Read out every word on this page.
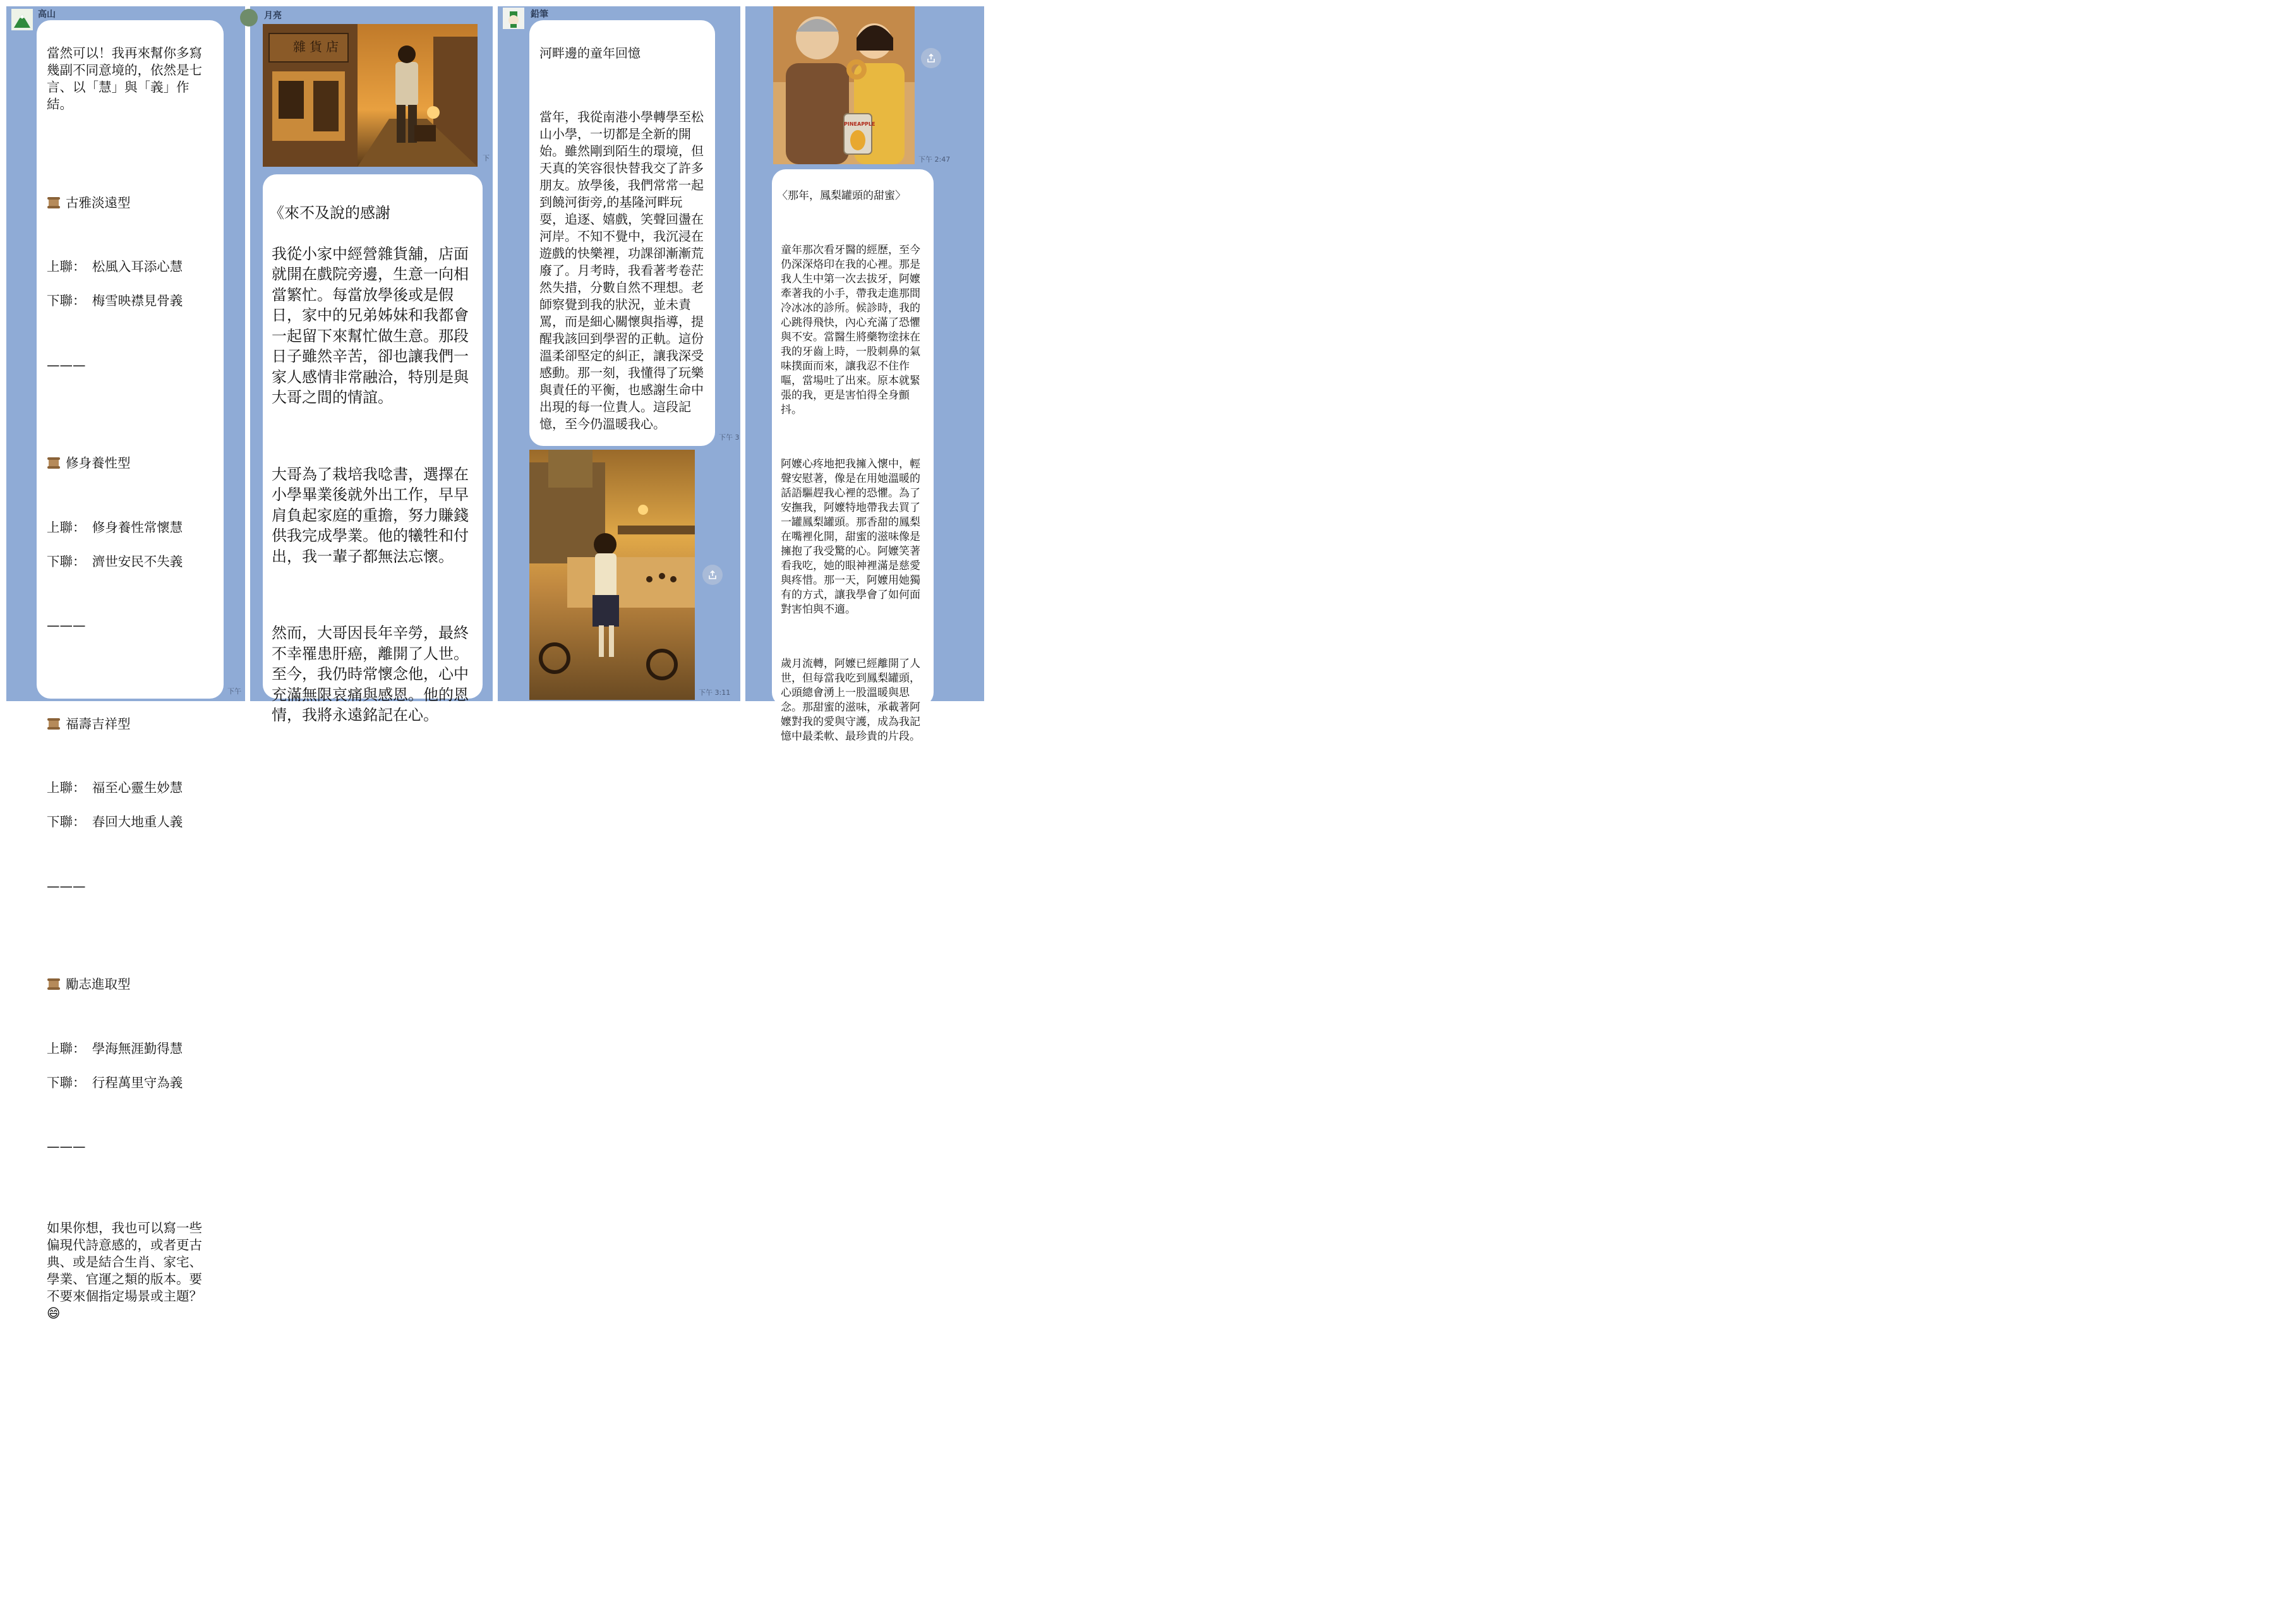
高山

當然可以！我再來幫你多寫幾副不同意境的，依然是七言、以「慧」與「義」作結。

古雅淡遠型

上聯：　松風入耳添心慧

下聯：　梅雪映襟見骨義

———

修身養性型

上聯：　修身養性常懷慧

下聯：　濟世安民不失義

———

福壽吉祥型

上聯：　福至心靈生妙慧

下聯：　春回大地重人義

———

勵志進取型

上聯：　學海無涯勤得慧

下聯：　行程萬里守為義

———

如果你想，我也可以寫一些偏現代詩意感的，或者更古典、或是結合生肖、家宅、學業、官運之類的版本。要不要來個指定場景或主題？ 😄

下午
月亮
雜貨店
下

《來不及說的感謝

我從小家中經營雜貨舖，店面就開在戲院旁邊，生意一向相當繁忙。每當放學後或是假日，家中的兄弟姊妹和我都會一起留下來幫忙做生意。那段日子雖然辛苦，卻也讓我們一家人感情非常融洽，特別是與大哥之間的情誼。

大哥為了栽培我唸書，選擇在小學畢業後就外出工作，早早肩負起家庭的重擔，努力賺錢供我完成學業。他的犧牲和付出，我一輩子都無法忘懷。

然而，大哥因長年辛勞，最終不幸罹患肝癌，離開了人世。至今，我仍時常懷念他，心中充滿無限哀痛與感恩。他的恩情，我將永遠銘記在心。

鉛筆

河畔邊的童年回憶

當年，我從南港小學轉學至松山小學，一切都是全新的開始。雖然剛到陌生的環境，但天真的笑容很快替我交了許多朋友。放學後，我們常常一起到饒河街旁,的基隆河畔玩耍，追逐、嬉戲，笑聲回盪在河岸。不知不覺中，我沉浸在遊戲的快樂裡，功課卻漸漸荒廢了。月考時，我看著考卷茫然失措，分數自然不理想。老師察覺到我的狀況，並未責罵，而是細心關懷與指導，提醒我該回到學習的正軌。這份溫柔卻堅定的糾正，讓我深受感動。那一刻，我懂得了玩樂與責任的平衡，也感謝生命中出現的每一位貴人。這段記憶，至今仍溫暖我心。

下午 3
下午 3:11
PINEAPPLE
下午 2:47

〈那年，鳳梨罐頭的甜蜜〉

童年那次看牙醫的經歷，至今仍深深烙印在我的心裡。那是我人生中第一次去拔牙，阿嬤牽著我的小手，帶我走進那間冷冰冰的診所。候診時，我的心跳得飛快，內心充滿了恐懼與不安。當醫生將藥物塗抹在我的牙齒上時，一股刺鼻的氣味撲面而來，讓我忍不住作嘔，當場吐了出來。原本就緊張的我，更是害怕得全身顫抖。

阿嬤心疼地把我擁入懷中，輕聲安慰著，像是在用她溫暖的話語驅趕我心裡的恐懼。為了安撫我，阿嬤特地帶我去買了一罐鳳梨罐頭。那香甜的鳳梨在嘴裡化開，甜蜜的滋味像是擁抱了我受驚的心。阿嬤笑著看我吃，她的眼神裡滿是慈愛與疼惜。那一天，阿嬤用她獨有的方式，讓我學會了如何面對害怕與不適。

歲月流轉，阿嬤已經離開了人世，但每當我吃到鳳梨罐頭，心頭總會湧上一股溫暖與思念。那甜蜜的滋味，承載著阿嬤對我的愛與守護，成為我記憶中最柔軟、最珍貴的片段。
